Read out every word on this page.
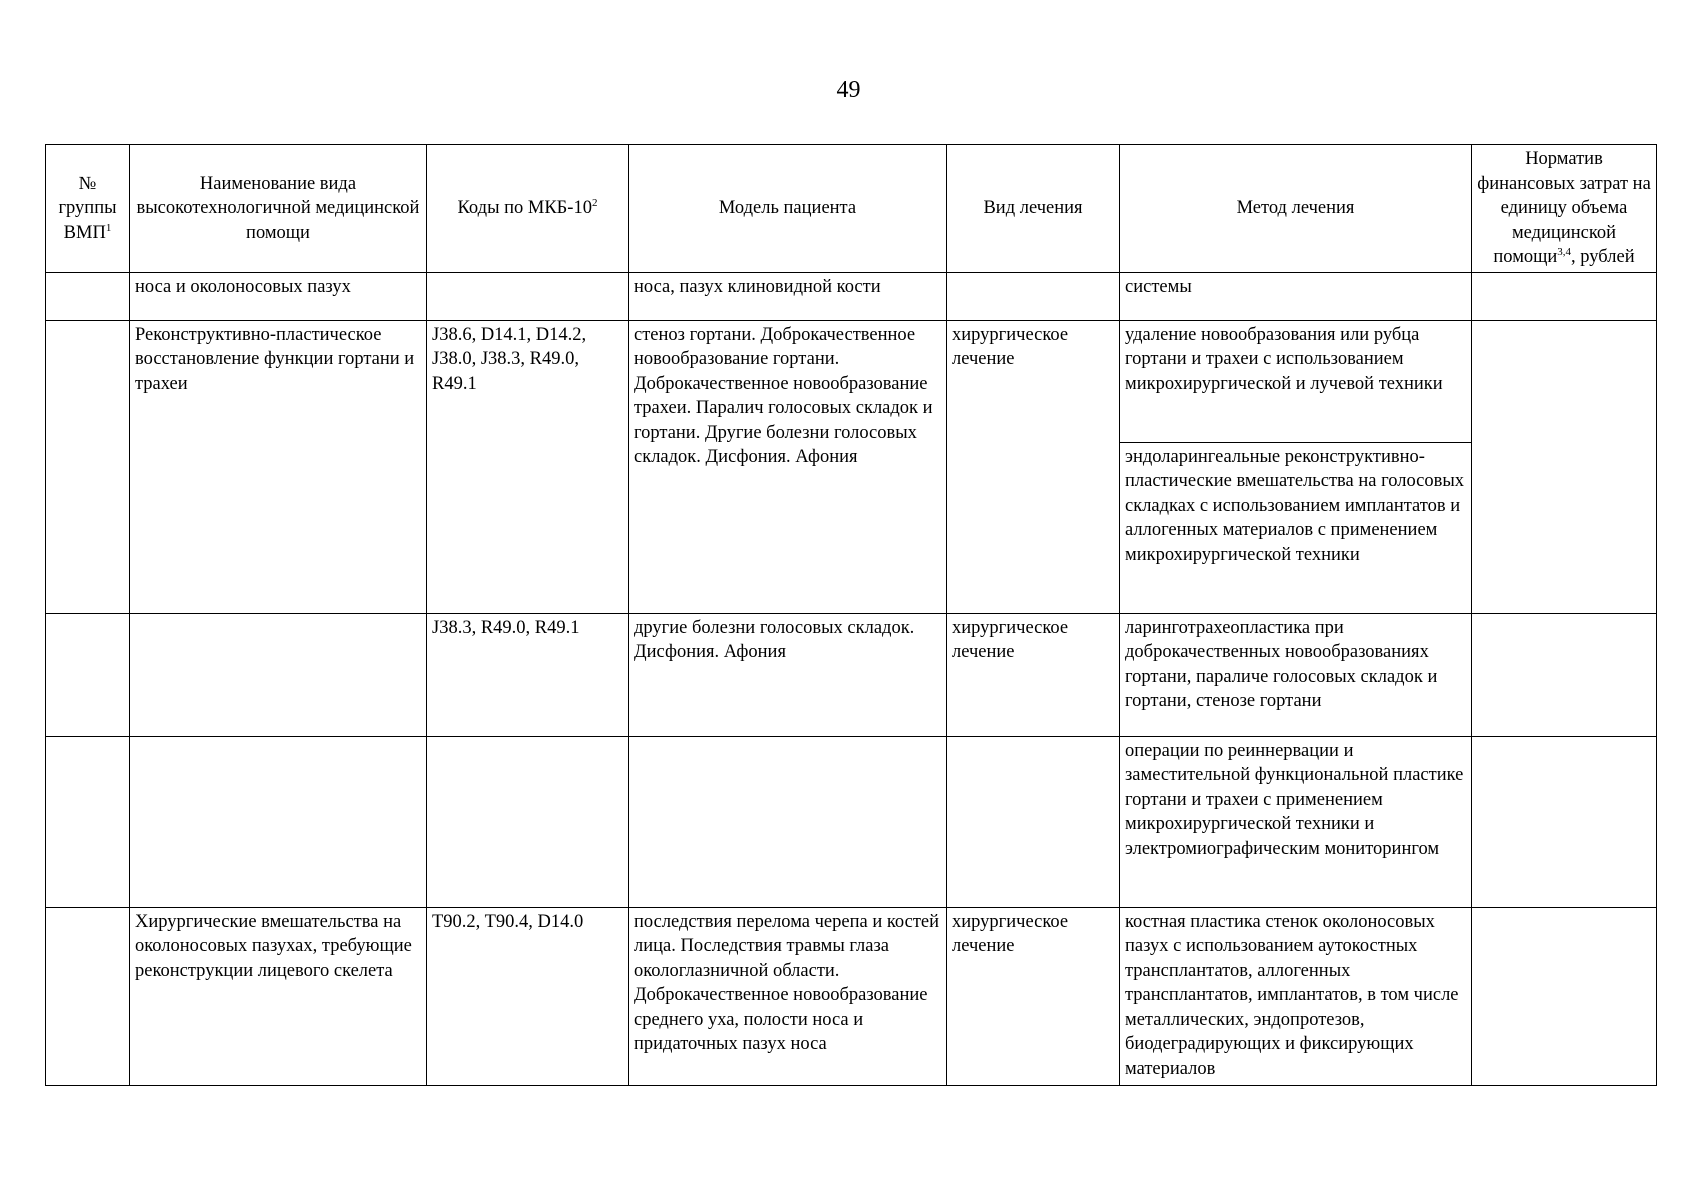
49
№ группы ВМП$^1$	Наименование вида высокотехнологичной медицинской помощи	Коды по МКБ-$10^2$	Модель пациента	Вид лечения	Метод лечения	Норматив финансовых затрат на единицу объема медицинской помощи$^{3,4}$, рублей
	носа и околоносовых пазух		носа, пазух клиновидной кости		системы	
	Реконструктивно-пластическое восстановление функции гортани и трахеи	J38.6, D14.1, D14.2, J38.0, J38.3, R49.0, R49.1	стеноз гортани. Доброкачественное новообразование гортани. Доброкачественное новообразование трахеи. Паралич голосовых складок и гортани. Другие болезни голосовых складок. Дисфония. Афония	хирургическое лечение	удаление новообразования или рубца гортани и трахеи с использованием микрохирургической и лучевой техники	
					эндоларингеальные реконструктивно-пластические вмешательства на голосовых складках с использованием имплантатов и аллогенных материалов с применением микрохирургической техники	
		J38.3, R49.0, R49.1	другие болезни голосовых складок. Дисфония. Афония	хирургическое лечение	ларинготрахеопластика при доброкачественных новообразованиях гортани, параличе голосовых складок и гортани, стенозе гортани	
					операции по реиннервации и заместительной функциональной пластике гортани и трахеи с применением микрохирургической техники и электромиографическим мониторингом	
	Хирургические вмешательства на околоносовых пазухах, требующие реконструкции лицевого скелета	T90.2, T90.4, D14.0	последствия перелома черепа и костей лица. Последствия травмы глаза окологлазничной области. Доброкачественное новообразование среднего уха, полости носа и придаточных пазух носа	хирургическое лечение	костная пластика стенок околоносовых пазух с использованием аутокостных трансплантатов, аллогенных трансплантатов, имплантатов, в том числе металлических, эндопротезов, биодеградирующих и фиксирующих материалов	
